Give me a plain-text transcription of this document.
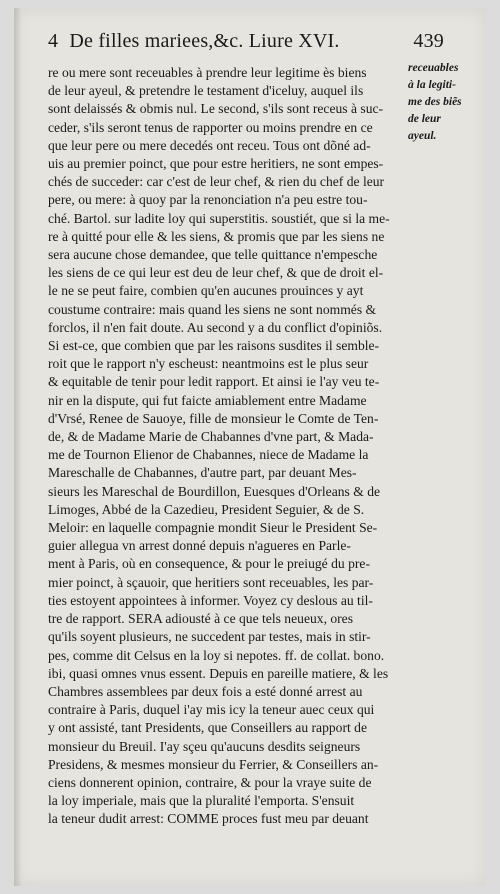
4 De filles mariees,&c. Liure XVI.	439
receuables
à la legiti-
me des biẽs
de leur
ayeul.
re ou mere sont receuables à prendre leur legitime ès biens
de leur ayeul, & pretendre le testament d'iceluy, auquel ils
sont delaissés & obmis nul. Le second, s'ils sont receus à suc-
ceder, s'ils seront tenus de rapporter ou moins prendre en ce
que leur pere ou mere decedés ont receu. Tous ont dõné ad-
uis au premier poinct, que pour estre heritiers, ne sont empes-
chés de succeder: car c'est de leur chef, & rien du chef de leur
pere, ou mere: à quoy par la renonciation n'a peu estre tou-
ché. Bartol. sur ladite loy qui superstitis. soustiét, que si la me-
re à quitté pour elle & les siens, & promis que par les siens ne
sera aucune chose demandee, que telle quittance n'empesche
les siens de ce qui leur est deu de leur chef, & que de droit el-
le ne se peut faire, combien qu'en aucunes prouinces y ayt
coustume contraire: mais quand les siens ne sont nommés &
forclos, il n'en fait doute. Au second y a du conflict d'opiniõs.
Si est-ce, que combien que par les raisons susdites il semble-
roit que le rapport n'y escheust: neantmoins est le plus seur
& equitable de tenir pour ledit rapport. Et ainsi ie l'ay veu te-
nir en la dispute, qui fut faicte amiablement entre Madame
d'Vrsé, Renee de Sauoye, fille de monsieur le Comte de Ten-
de, & de Madame Marie de Chabannes d'vne part, & Mada-
me de Tournon Elienor de Chabannes, niece de Madame la
Mareschalle de Chabannes, d'autre part, par deuant Mes-
sieurs les Mareschal de Bourdillon, Euesques d'Orleans & de
Limoges, Abbé de la Cazedieu, President Seguier, & de S.
Meloir: en laquelle compagnie mondit Sieur le President Se-
guier allegua vn arrest donné depuis n'agueres en Parle-
ment à Paris, où en consequence, & pour le preiugé du pre-
mier poinct, à sçauoir, que heritiers sont receuables, les par-
ties estoyent appointees à informer. Voyez cy deslous au til-
tre de rapport. SERA adiousté à ce que tels neueux, ores
qu'ils soyent plusieurs, ne succedent par testes, mais in stir-
pes, comme dit Celsus en la loy si nepotes. ff. de collat. bono.
ibi, quasi omnes vnus essent. Depuis en pareille matiere, & les
Chambres assemblees par deux fois a esté donné arrest au
contraire à Paris, duquel i'ay mis icy la teneur auec ceux qui
y ont assisté, tant Presidents, que Conseillers au rapport de
monsieur du Breuil. I'ay sçeu qu'aucuns desdits seigneurs
Presidens, & mesmes monsieur du Ferrier, & Conseillers an-
ciens donnerent opinion, contraire, & pour la vraye suite de
la loy imperiale, mais que la pluralité l'emporta. S'ensuit
la teneur dudit arrest: COMME proces fust meu par deuant
